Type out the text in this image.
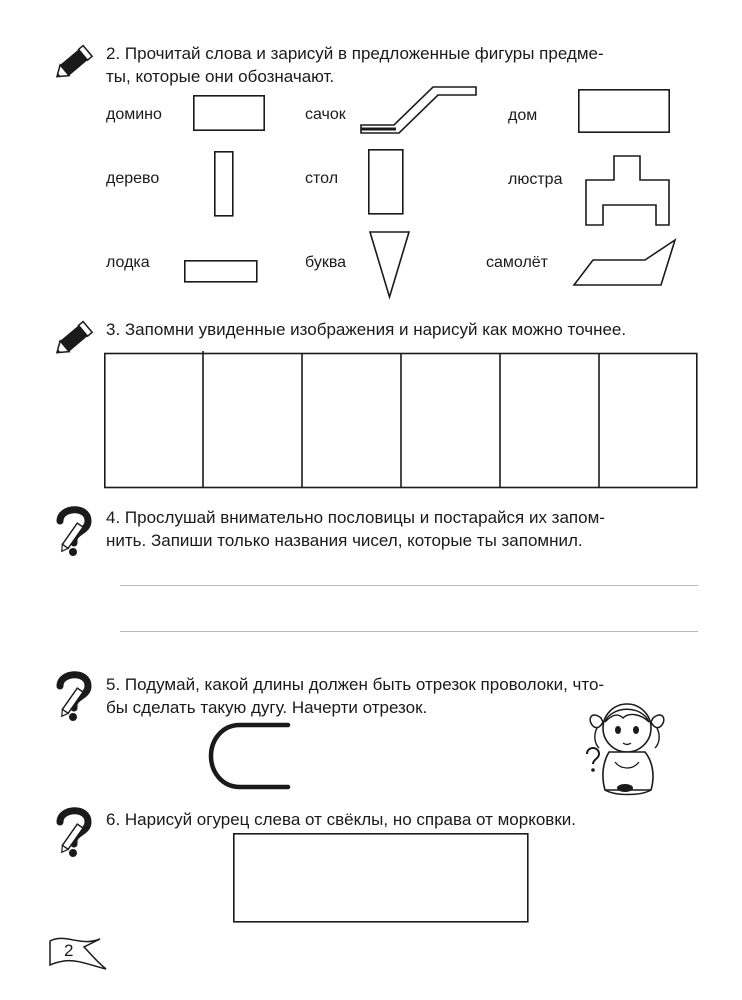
2. Прочитай слова и зарисуй в предложенные фигуры предме-
ты, которые они обозначают.
домино	сачок	дом
дерево	стол	люстра
лодка	буква	самолёт
3. Запомни увиденные изображения и нарисуй как можно точнее.
4. Прослушай внимательно пословицы и постарайся их запом-
нить. Запиши только названия чисел, которые ты запомнил.
5. Подумай, какой длины должен быть отрезок проволоки, что-
бы сделать такую дугу. Начерти отрезок.
6. Нарисуй огурец слева от свёклы, но справа от морковки.
2
